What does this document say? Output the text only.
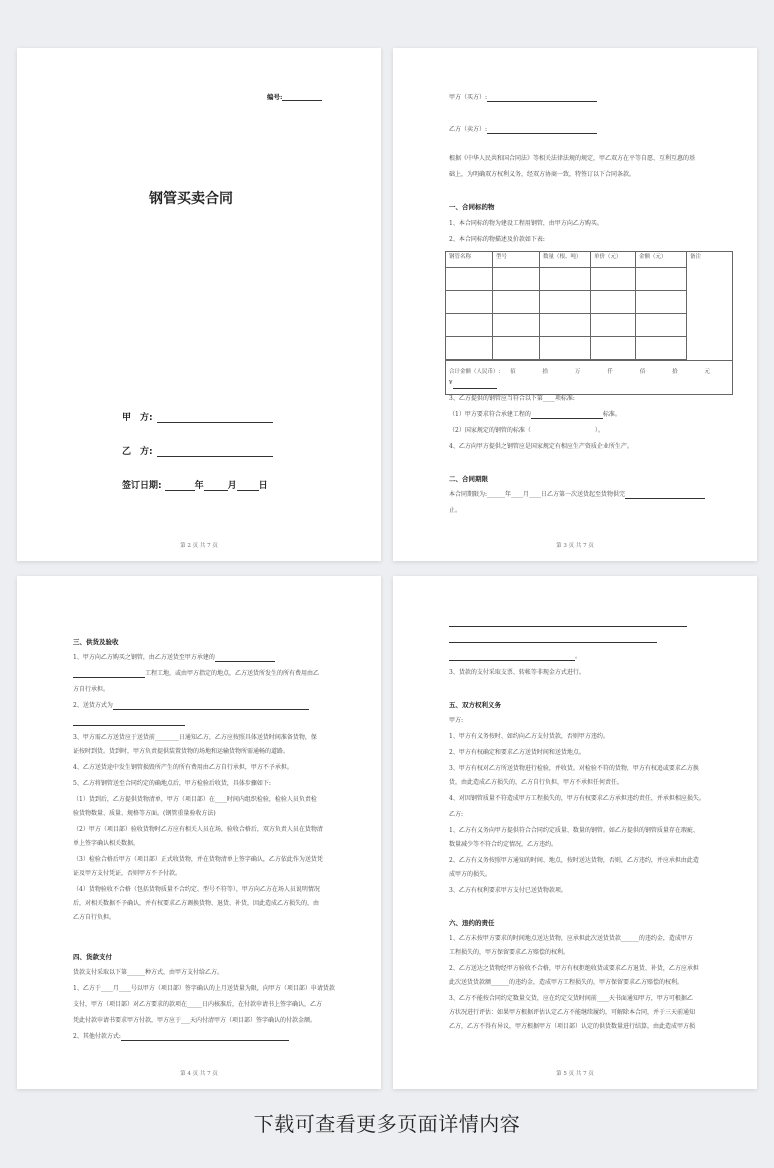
编号:
钢管买卖合同
甲　方:
乙　方:
签订日期:	年	月 日
第 2 页 共 7 页
甲方（买方）:
乙方（卖方）:
根据《中华人民共和国合同法》等相关法律法规的规定，甲乙双方在平等自愿、互利互惠的基
础上，为明确双方权利义务，经双方协商一致，特签订以下合同条款。
一、合同标的物
1、本合同标的物为建设工程用钢管，由甲方向乙方购买。
2、本合同标的物描述及价款如下表:
钢管名称	型号	数量（根、吨）	单价（元）	金额（元）	备注

合计金额（人民币）: 佰 拾 万 仟 佰 拾 元
¥					
3、乙方提供的钢管应当符合以下第____项标准:
（1）甲方要求符合承建工程的	标准。
（2）国家规定的钢管的标准（	）。
4、乙方向甲方提供之钢管应是国家规定有相应生产资质企业所生产。
二、合同期限
本合同期限为:______年____月____日乙方第一次送货起至货物供完
止。
第 3 页 共 7 页
三、供货及验收
1、甲方向乙方购买之钢管，由乙方送货至甲方承建的
工程工地，或由甲方指定的地点，乙方送货所发生的所有费用由乙
方自行承担。
2、送货方式为
3、甲方需乙方送货应于送货前________日通知乙方，乙方应按照具体送货时间准备货物，保
证按时到货。货到时，甲方负责提供装置货物的场地和运输货物所需通畅的道路。
4、乙方送货途中发生钢管损毁所产生的所有费用由乙方自行承担，甲方不予承担。
5、乙方将钢管送至合同约定的确地点后，甲方检验后收货，具体步骤如下:
（1）货到后，乙方提供货物清单，甲方（项目部）在____时间内组织检验，检验人员负责检
验货物数量、质量、规格等方面。(钢管重量验收方法)
（2）甲方（项目部）验收货物时乙方应有相关人员在场，验收合格后，双方负责人员在货物清
单上签字确认相关数据。
（3）检验合格后甲方（项目部）正式收货物，并在货物清单上签字确认，乙方依此作为送货凭
证及甲方支付凭证，否则甲方不予付款。
（4）货物验收不合格（包括货物质量不合约定、型号不符等），甲方向乙方在场人员说明情况
后，对相关数据不予确认，并有权要求乙方调换货物、退货、补货，因此造成乙方损失的，由
乙方自行负担。
四、货款支付
货款支付采取以下第______种方式，由甲方支付给乙方。
1、乙方于____月____号以甲方（项目部）签字确认的上月送货量为限，向甲方（项目部）申请货款
支付，甲方（项目部）对乙方要求的款项在_____日内核准后，在付款申请书上签字确认，乙方
凭此付款申请书要求甲方付款，甲方应于___天内付清甲方（项目部）签字确认的付款金额。
2、其他付款方式:
第 4 页 共 7 页
。
3、货款的支付采取支票、转帐等非现金方式进行。
五、双方权利义务
甲方:
1、甲方有义务按时、如约向乙方支付货款，否则甲方违约。
2、甲方有权确定和要求乙方送货时间和送货地点。
3、甲方有权对乙方所送货物进行检验，并收货。对检验不符的货物，甲方有权追或要求乙方换
货，由此造成乙方损失的，乙方自行负担，甲方不承担任何责任。
4、对因钢管质量不符造成甲方工程损失的，甲方有权要求乙方承担违约责任，并承担相应损失。
乙方:
1、乙方有义务向甲方提供符合合同约定质量、数量的钢管。如乙方提供的钢管质量存在瑕疵、
数量减少等不符合约定情况，乙方违约。
2、乙方有义务按照甲方通知的时间、地点，按时送达货物，否则，乙方违约，并应承担由此造
成甲方的损失。
3、乙方有权利要求甲方支付已送货物款项。
六、违约的责任
1、乙方未按甲方要求的时间地点送达货物，应承担此次送货货款______的违约金，造成甲方
工程损失的，甲方保留要求乙方赔偿的权利。
2、乙方送达之货物经甲方验收不合格，甲方有权拒绝收货或要求乙方退货、补货，乙方应承担
此次送货货款额______的违约金，造成甲方工程损失的，甲方保留要求乙方赔偿的权利。
3、乙方不能按合同约定数量交货，应在约定交货时间前____天书面通知甲方，甲方可根据乙
方状况进行评估：如果甲方根据评估认定乙方不能继续履约，可解除本合同，并于三天前通知
乙方，乙方不得有异议，甲方根据甲方（项目部）认定的供货数量进行结算，由此造成甲方损
第 5 页 共 7 页
下载可查看更多页面详情内容
